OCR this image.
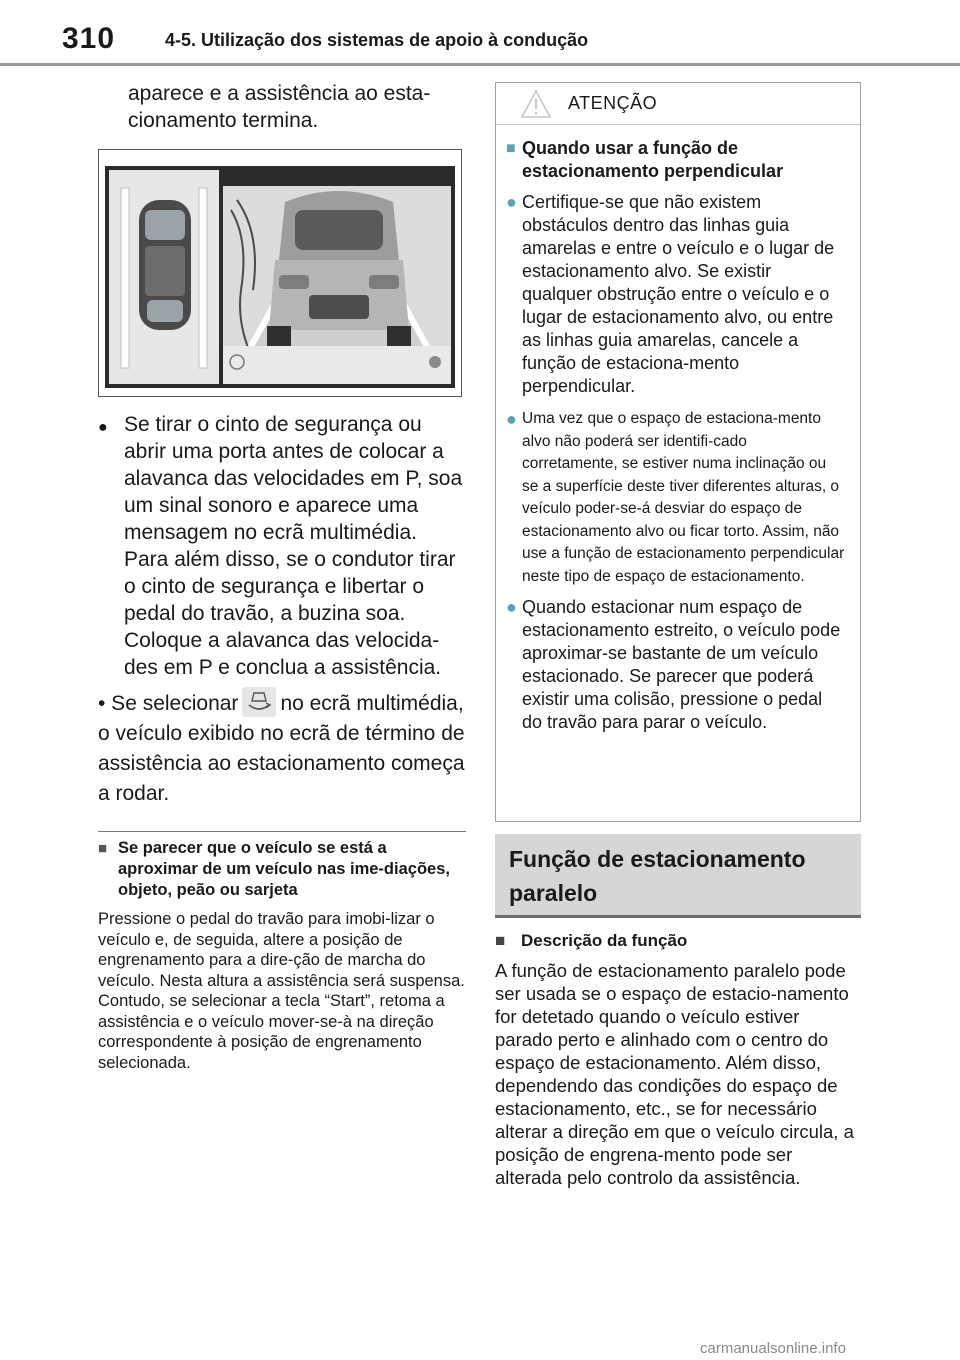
310	4-5. Utilização dos sistemas de apoio à condução
aparece e a assistência ao esta-cionamento termina.
● Se tirar o cinto de segurança ou abrir uma porta antes de colocar a alavanca das velocidades em P, soa um sinal sonoro e aparece uma mensagem no ecrã multimédia. Para além disso, se o condutor tirar o cinto de segurança e libertar o pedal do travão, a buzina soa. Coloque a alavanca das velocida-des em P e conclua a assistência.
• Se selecionar no ecrã multimédia, o veículo exibido no ecrã de término de assistência ao estacionamento começa a rodar.
■ Se parecer que o veículo se está a aproximar de um veículo nas ime-diações, objeto, peão ou sarjeta
Pressione o pedal do travão para imobi-lizar o veículo e, de seguida, altere a posição de engrenamento para a dire-ção de marcha do veículo. Nesta altura a assistência será suspensa. Contudo, se selecionar a tecla “Start”, retoma a assistência e o veículo mover-se-à na direção correspondente à posição de engrenamento selecionada.
ATENÇÃO
■ Quando usar a função de estacionamento perpendicular
● Certifique-se que não existem obstáculos dentro das linhas guia amarelas e entre o veículo e o lugar de estacionamento alvo. Se existir qualquer obstrução entre o veículo e o lugar de estacionamento alvo, ou entre as linhas guia amarelas, cancele a função de estaciona-mento perpendicular.
● Uma vez que o espaço de estaciona-mento alvo não poderá ser identifi-cado corretamente, se estiver numa inclinação ou se a superfície deste tiver diferentes alturas, o veículo poder-se-á desviar do espaço de estacionamento alvo ou ficar torto. Assim, não use a função de estacionamento perpendicular neste tipo de espaço de estacionamento.
● Quando estacionar num espaço de estacionamento estreito, o veículo pode aproximar-se bastante de um veículo estacionado. Se parecer que poderá existir uma colisão, pressione o pedal do travão para parar o veículo.
Função de estacionamento paralelo
■ Descrição da função
A função de estacionamento paralelo pode ser usada se o espaço de estacio-namento for detetado quando o veículo estiver parado perto e alinhado com o centro do espaço de estacionamento. Além disso, dependendo das condições do espaço de estacionamento, etc., se for necessário alterar a direção em que o veículo circula, a posição de engrena-mento pode ser alterada pelo controlo da assistência.
carmanualsonline.info
